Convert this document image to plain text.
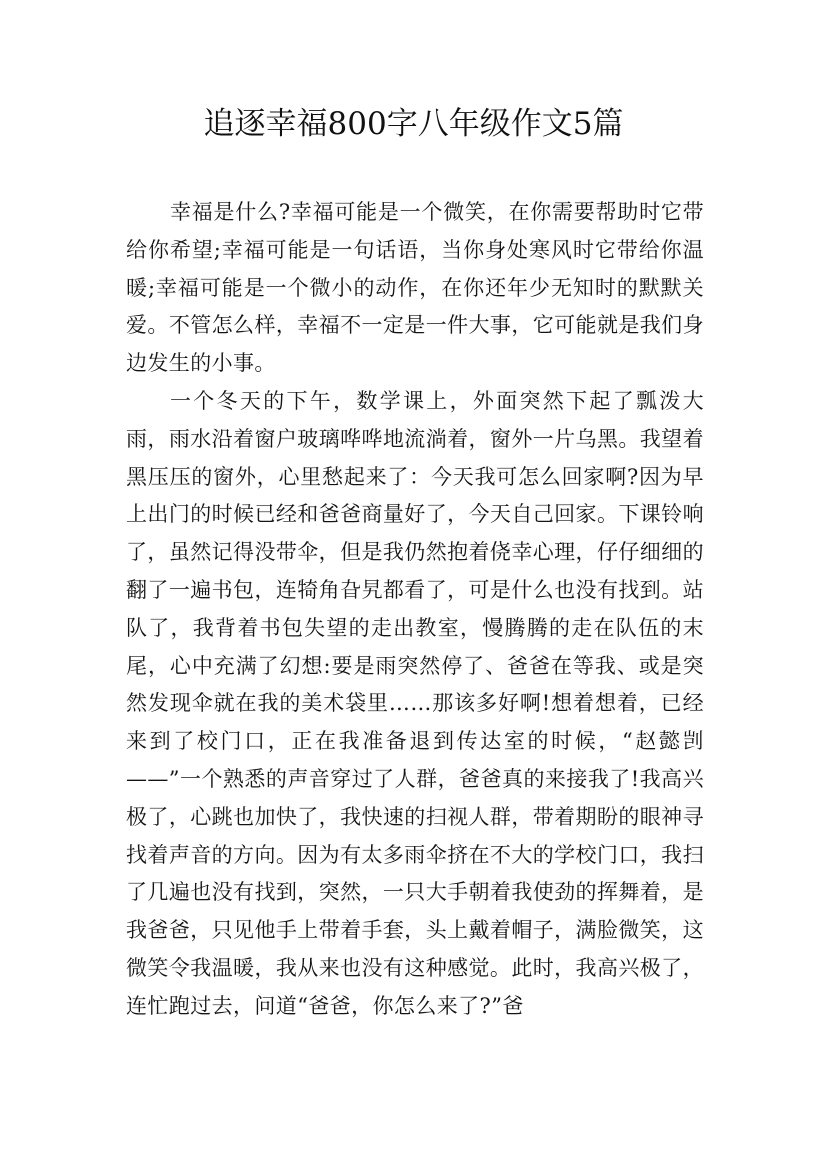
追逐幸福800字八年级作文5篇

幸福是什么?幸福可能是一个微笑，在你需要帮助时它带给你希望;幸福可能是一句话语，当你身处寒风时它带给你温暖;幸福可能是一个微小的动作，在你还年少无知时的默默关爱。不管怎么样，幸福不一定是一件大事，它可能就是我们身边发生的小事。

一个冬天的下午，数学课上，外面突然下起了瓢泼大雨，雨水沿着窗户玻璃哗哗地流淌着，窗外一片乌黑。我望着黑压压的窗外，心里愁起来了：今天我可怎么回家啊?因为早上出门的时候已经和爸爸商量好了，今天自己回家。下课铃响了，虽然记得没带伞，但是我仍然抱着侥幸心理，仔仔细细的翻了一遍书包，连犄角旮旯都看了，可是什么也没有找到。站队了，我背着书包失望的走出教室，慢腾腾的走在队伍的末尾，心中充满了幻想:要是雨突然停了、爸爸在等我、或是突然发现伞就在我的美术袋里……那该多好啊!想着想着，已经来到了校门口，正在我准备退到传达室的时候，“赵懿剀——”一个熟悉的声音穿过了人群，爸爸真的来接我了!我高兴极了，心跳也加快了，我快速的扫视人群，带着期盼的眼神寻找着声音的方向。因为有太多雨伞挤在不大的学校门口，我扫了几遍也没有找到，突然，一只大手朝着我使劲的挥舞着，是我爸爸，只见他手上带着手套，头上戴着帽子，满脸微笑，这微笑令我温暖，我从来也没有这种感觉。此时，我高兴极了，连忙跑过去，问道“爸爸，你怎么来了?”爸
